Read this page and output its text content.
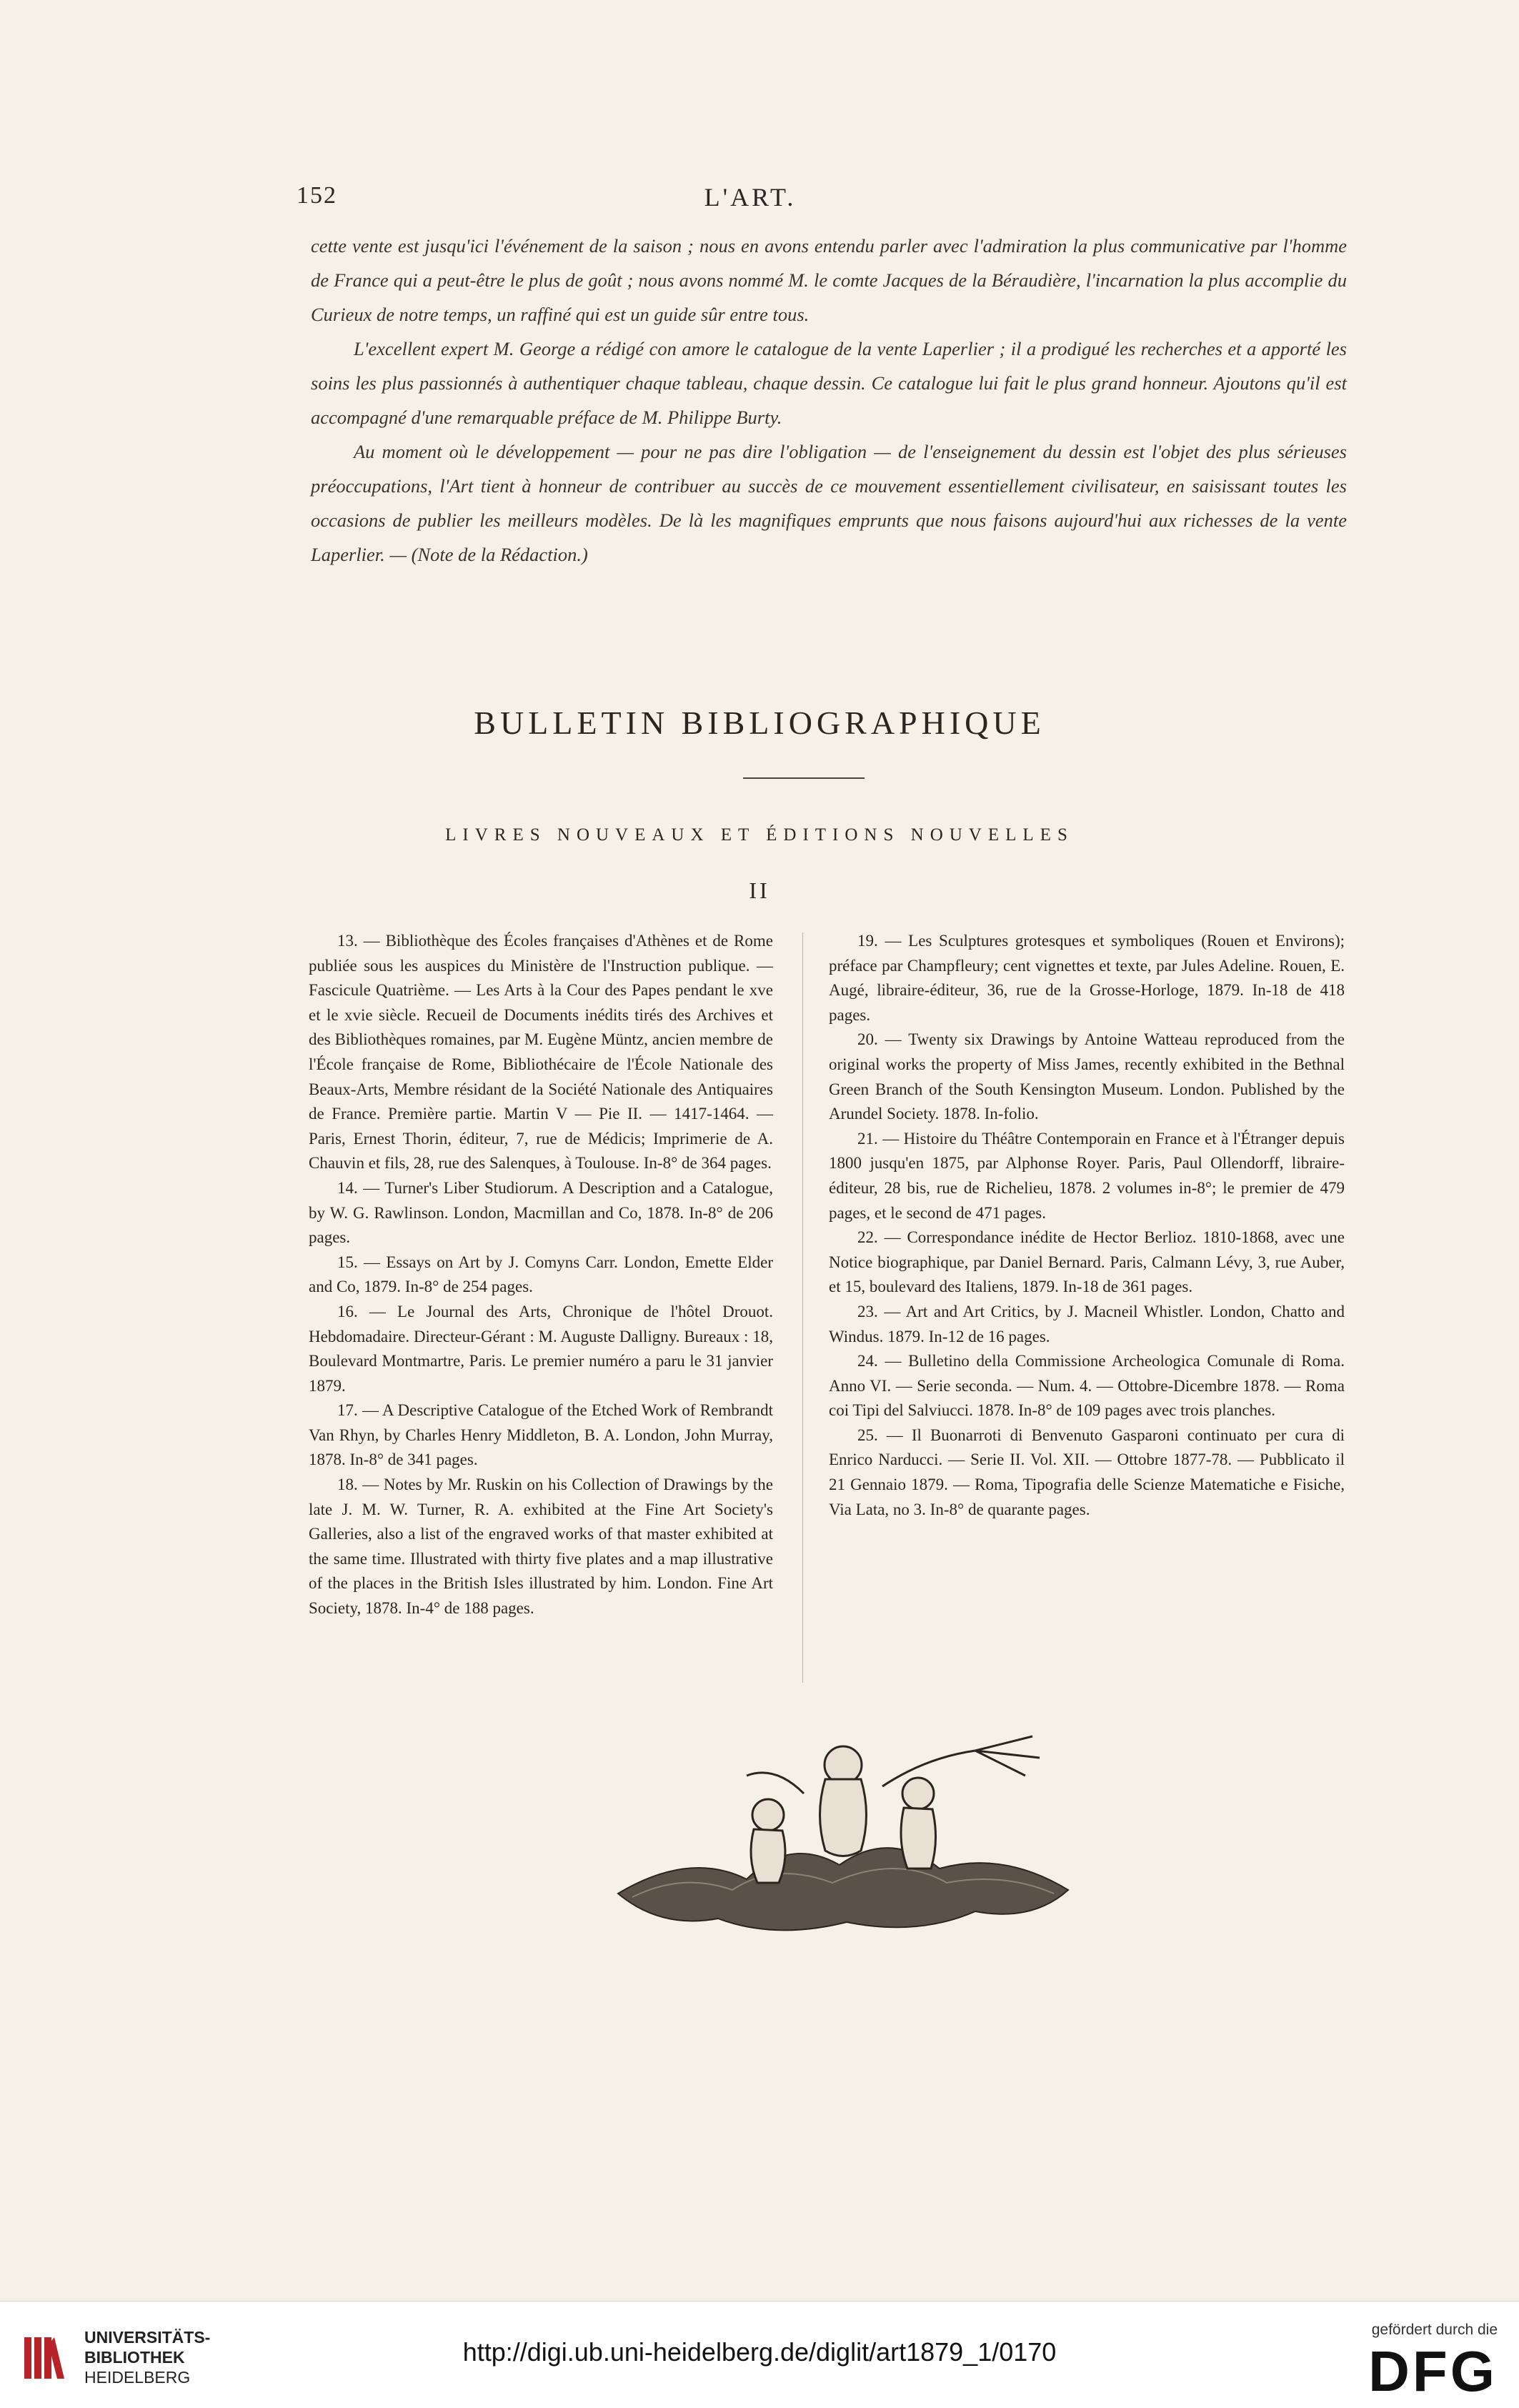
152	L'ART.

cette vente est jusqu'ici l'événement de la saison ; nous en avons entendu parler avec l'admiration la plus communicative par l'homme de France qui a peut-être le plus de goût ; nous avons nommé M. le comte Jacques de la Béraudière, l'incarnation la plus accomplie du Curieux de notre temps, un raffiné qui est un guide sûr entre tous.

L'excellent expert M. George a rédigé con amore le catalogue de la vente Laperlier ; il a prodigué les recherches et a apporté les soins les plus passionnés à authentiquer chaque tableau, chaque dessin. Ce catalogue lui fait le plus grand honneur. Ajoutons qu'il est accompagné d'une remarquable préface de M. Philippe Burty.

Au moment où le développement — pour ne pas dire l'obligation — de l'enseignement du dessin est l'objet des plus sérieuses préoccupations, l'Art tient à honneur de contribuer au succès de ce mouvement essentiellement civilisateur, en saisissant toutes les occasions de publier les meilleurs modèles. De là les magnifiques emprunts que nous faisons aujourd'hui aux richesses de la vente Laperlier. — (Note de la Rédaction.)

BULLETIN BIBLIOGRAPHIQUE
LIVRES NOUVEAUX ET ÉDITIONS NOUVELLES
II

13. — Bibliothèque des Écoles françaises d'Athènes et de Rome publiée sous les auspices du Ministère de l'Instruction publique. — Fascicule Quatrième. — Les Arts à la Cour des Papes pendant le xve et le xvie siècle. Recueil de Documents inédits tirés des Archives et des Bibliothèques romaines, par M. Eugène Müntz, ancien membre de l'École française de Rome, Bibliothécaire de l'École Nationale des Beaux-Arts, Membre résidant de la Société Nationale des Antiquaires de France. Première partie. Martin V — Pie II. — 1417-1464. — Paris, Ernest Thorin, éditeur, 7, rue de Médicis; Imprimerie de A. Chauvin et fils, 28, rue des Salenques, à Toulouse. In-8° de 364 pages.

14. — Turner's Liber Studiorum. A Description and a Catalogue, by W. G. Rawlinson. London, Macmillan and Co, 1878. In-8° de 206 pages.

15. — Essays on Art by J. Comyns Carr. London, Emette Elder and Co, 1879. In-8° de 254 pages.

16. — Le Journal des Arts, Chronique de l'hôtel Drouot. Hebdomadaire. Directeur-Gérant : M. Auguste Dalligny. Bureaux : 18, Boulevard Montmartre, Paris. Le premier numéro a paru le 31 janvier 1879.

17. — A Descriptive Catalogue of the Etched Work of Rembrandt Van Rhyn, by Charles Henry Middleton, B. A. London, John Murray, 1878. In-8° de 341 pages.

18. — Notes by Mr. Ruskin on his Collection of Drawings by the late J. M. W. Turner, R. A. exhibited at the Fine Art Society's Galleries, also a list of the engraved works of that master exhibited at the same time. Illustrated with thirty five plates and a map illustrative of the places in the British Isles illustrated by him. London. Fine Art Society, 1878. In-4° de 188 pages.

19. — Les Sculptures grotesques et symboliques (Rouen et Environs); préface par Champfleury; cent vignettes et texte, par Jules Adeline. Rouen, E. Augé, libraire-éditeur, 36, rue de la Grosse-Horloge, 1879. In-18 de 418 pages.

20. — Twenty six Drawings by Antoine Watteau reproduced from the original works the property of Miss James, recently exhibited in the Bethnal Green Branch of the South Kensington Museum. London. Published by the Arundel Society. 1878. In-folio.

21. — Histoire du Théâtre Contemporain en France et à l'Étranger depuis 1800 jusqu'en 1875, par Alphonse Royer. Paris, Paul Ollendorff, libraire-éditeur, 28 bis, rue de Richelieu, 1878. 2 volumes in-8°; le premier de 479 pages, et le second de 471 pages.

22. — Correspondance inédite de Hector Berlioz. 1810-1868, avec une Notice biographique, par Daniel Bernard. Paris, Calmann Lévy, 3, rue Auber, et 15, boulevard des Italiens, 1879. In-18 de 361 pages.

23. — Art and Art Critics, by J. Macneil Whistler. London, Chatto and Windus. 1879. In-12 de 16 pages.

24. — Bulletino della Commissione Archeologica Comunale di Roma. Anno VI. — Serie seconda. — Num. 4. — Ottobre-Dicembre 1878. — Roma coi Tipi del Salviucci. 1878. In-8° de 109 pages avec trois planches.

25. — Il Buonarroti di Benvenuto Gasparoni continuato per cura di Enrico Narducci. — Serie II. Vol. XII. — Ottobre 1877-78. — Pubblicato il 21 Gennaio 1879. — Roma, Tipografia delle Scienze Matematiche e Fisiche, Via Lata, no 3. In-8° de quarante pages.

UNIVERSITÄTS-
BIBLIOTHEK
HEIDELBERG
http://digi.ub.uni-heidelberg.de/diglit/art1879_1/0170
gefördert durch die
DFG
